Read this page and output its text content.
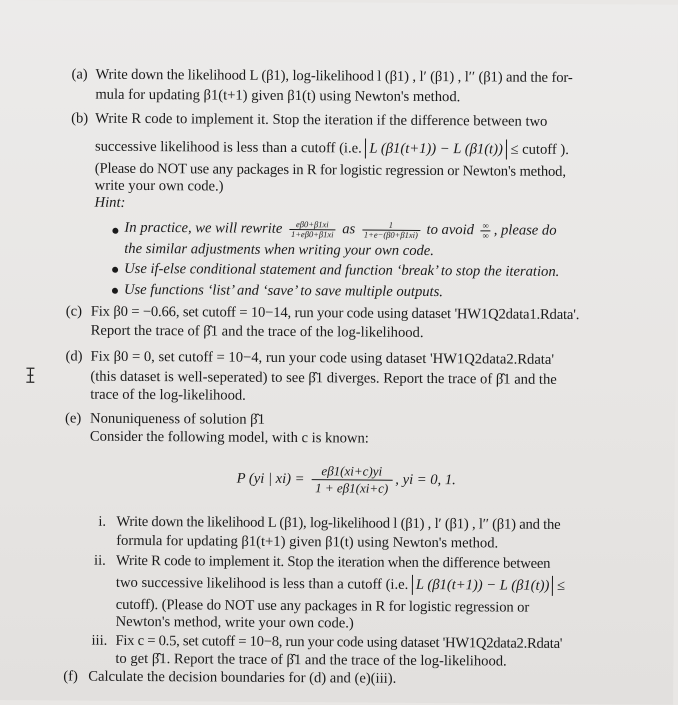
(a) Write down the likelihood L (β1), log-likelihood l (β1) , l′ (β1) , l′′ (β1) and the for-
mula for updating β1(t+1) given β1(t) using Newton's method.
(b) Write R code to implement it. Stop the iteration if the difference between two
successive likelihood is less than a cutoff (i.e. L (β1(t+1)) − L (β1(t)) ≤ cutoff ).
(Please do NOT use any packages in R for logistic regression or Newton's method,
write your own code.)
Hint:
In practice, we will rewrite $\frac{e\beta 0+\beta 1xi}{1+e\beta 0+\beta 1xi}$ as $\frac{1}{1+e-(\beta 0+\beta 1xi)}$ to avoid $\frac{\infty}{\infty}$ , please do
the similar adjustments when writing your own code.
Use if-else conditional statement and function ‘break’ to stop the iteration.
Use functions ‘list’ and ‘save’ to save multiple outputs.
(c) Fix β0 = −0.66, set cutoff = 10−14, run your code using dataset 'HW1Q2data1.Rdata'.
Report the trace of β̂1 and the trace of the log-likelihood.
(d) Fix β0 = 0, set cutoff = 10−4, run your code using dataset 'HW1Q2data2.Rdata'
(this dataset is well-seperated) to see β̂1 diverges. Report the trace of β̂1 and the
trace of the log-likelihood.
(e) Nonuniqueness of solution β̂1
Consider the following model, with c is known:
P (yi | $xi) = \frac{e\beta 1(xi+c)yi}{1 + e\beta 1(xi+c)}$ , yi = 0, 1.
i. Write down the likelihood L (β1), log-likelihood l (β1) , l′ (β1) , l′′ (β1) and the
formula for updating β1(t+1) given β1(t) using Newton's method.
ii. Write R code to implement it. Stop the iteration when the difference between
two successive likelihood is less than a cutoff (i.e. L (β1(t+1)) − L (β1(t)) ≤
cutoff). (Please do NOT use any packages in R for logistic regression or
Newton's method, write your own code.)
iii. Fix c = 0.5, set cutoff = 10−8, run your code using dataset 'HW1Q2data2.Rdata'
to get β̂1. Report the trace of β̂1 and the trace of the log-likelihood.
(f) Calculate the decision boundaries for (d) and (e)(iii).
